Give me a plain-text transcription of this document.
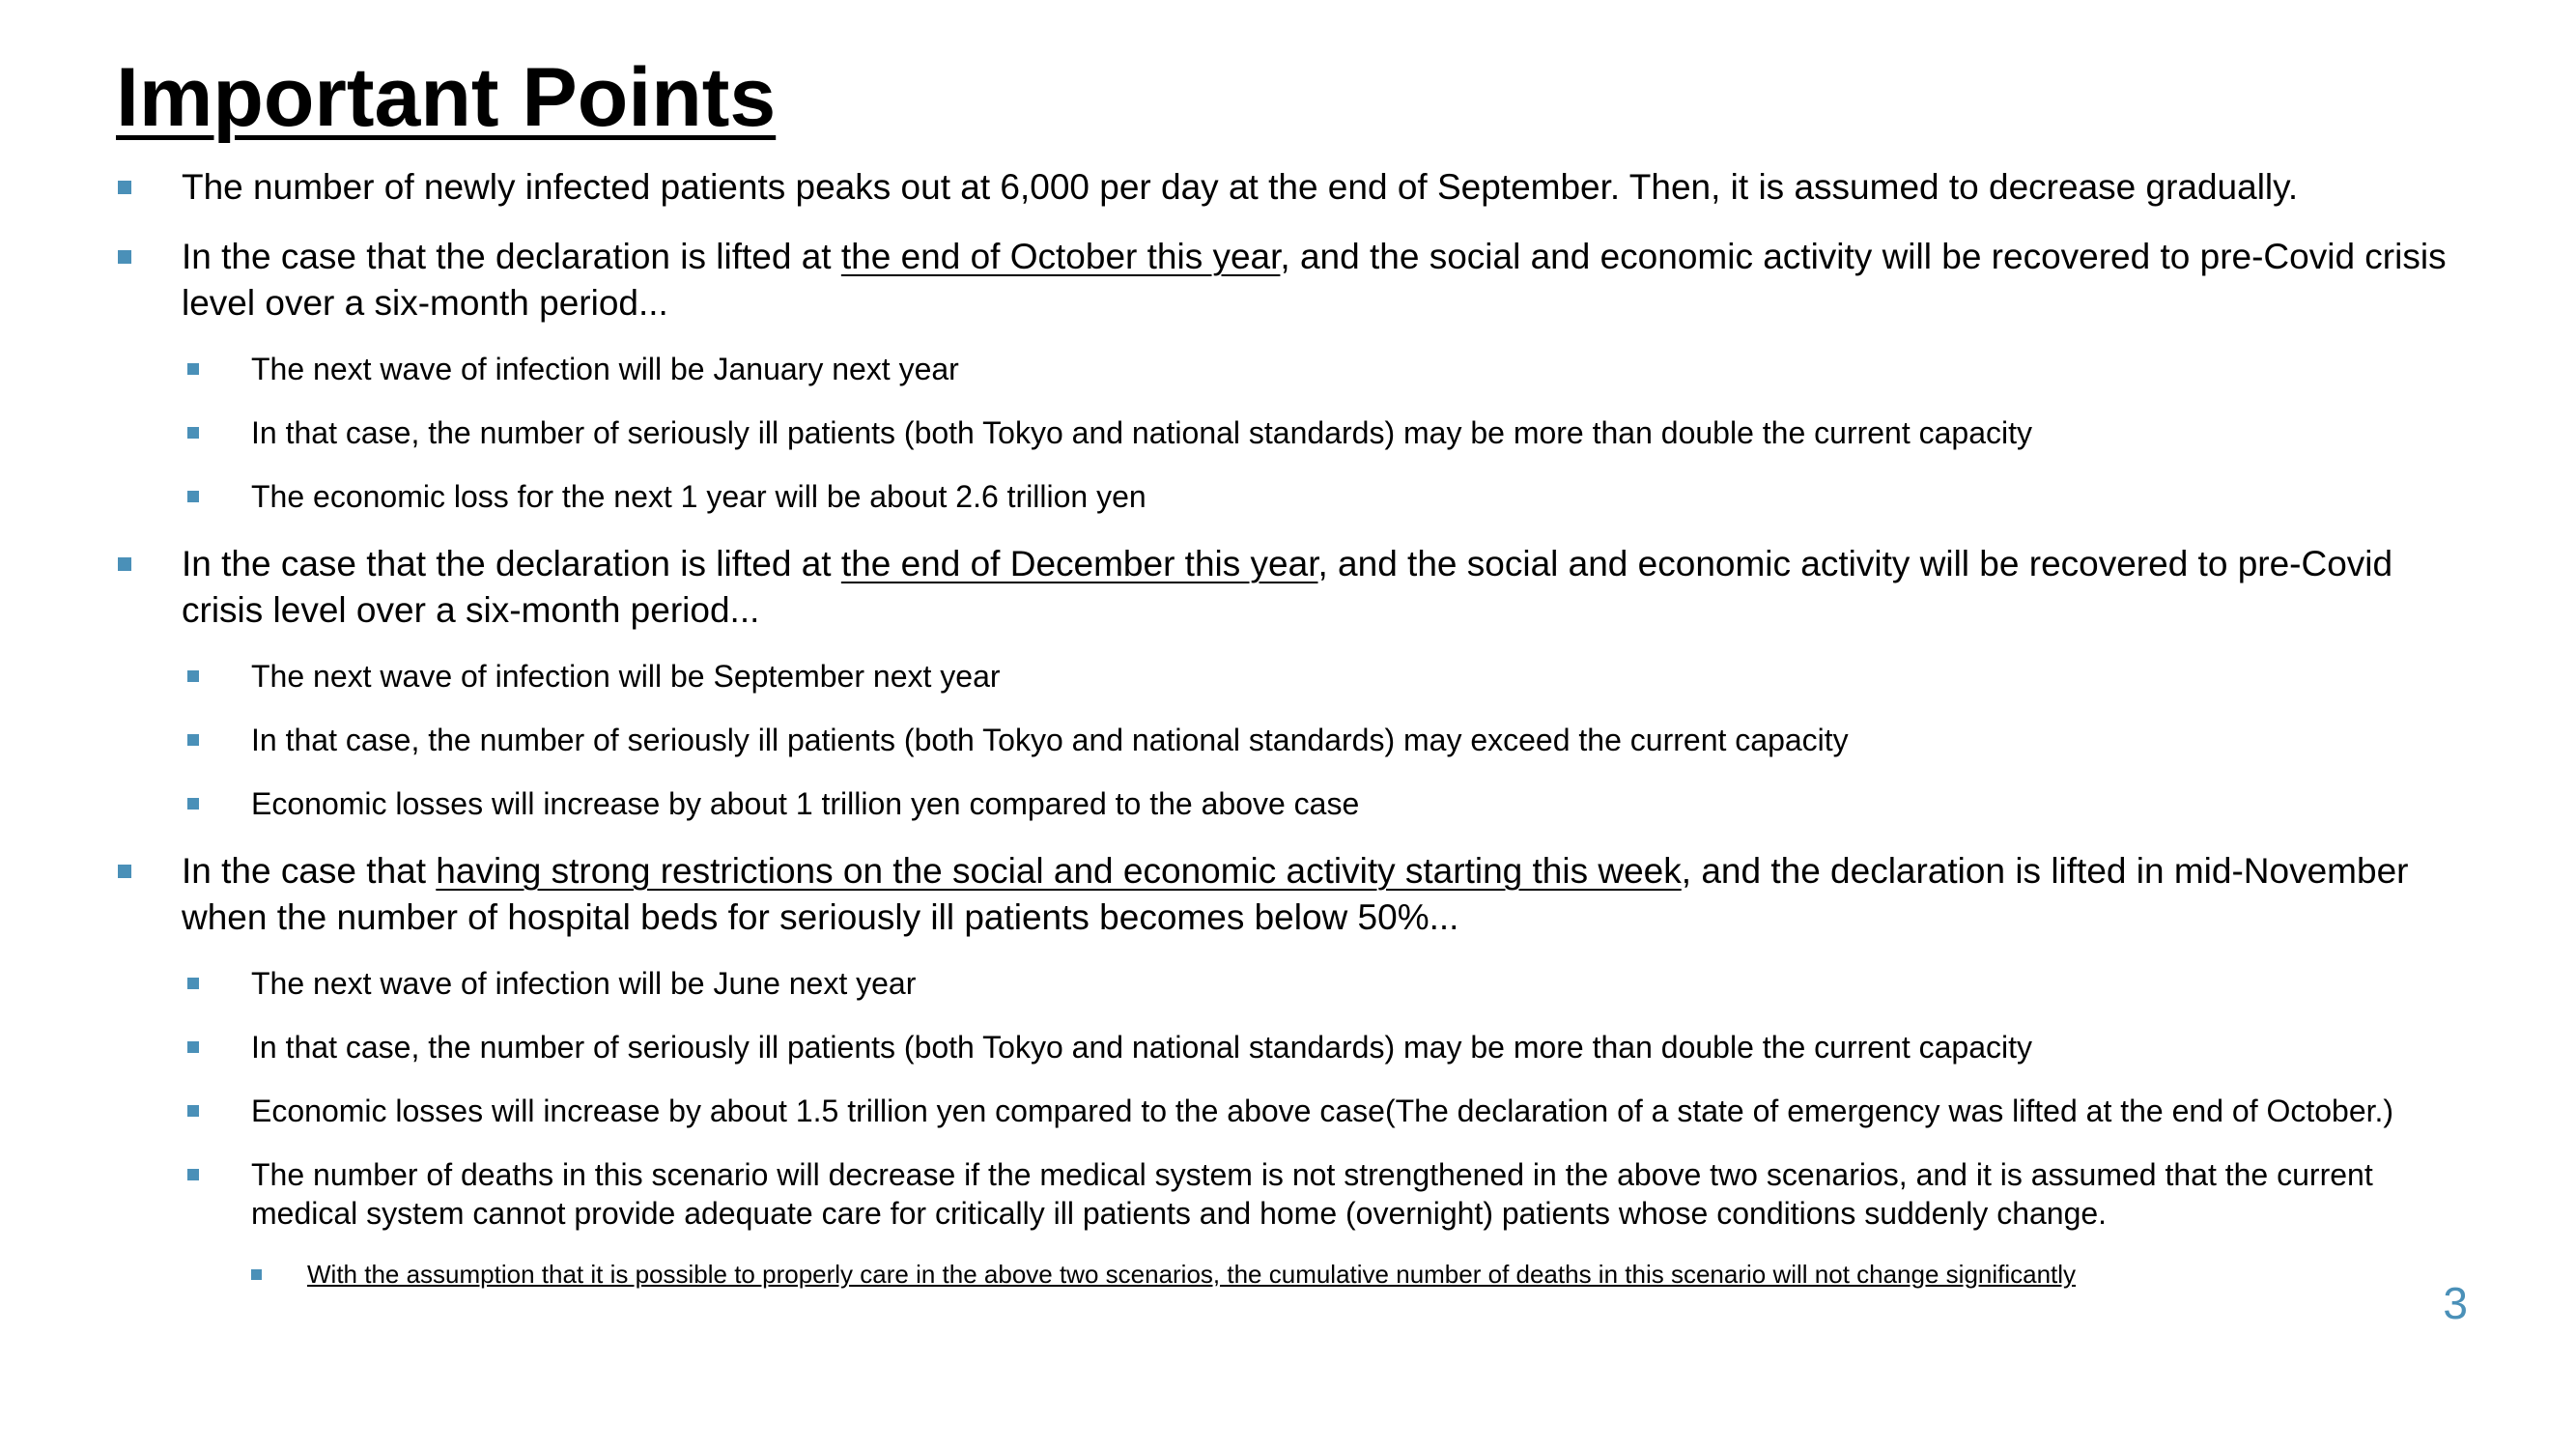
Important Points
The number of newly infected patients peaks out at 6,000 per day at the end of September. Then, it is assumed to decrease gradually.
In the case that the declaration is lifted at the end of October this year, and the social and economic activity will be recovered to pre-Covid crisis level over a six-month period...
The next wave of infection will be January next year
In that case, the number of seriously ill patients (both Tokyo and national standards) may be more than double the current capacity
The economic loss for the next 1 year will be about 2.6 trillion yen
In the case that the declaration is lifted at the end of December this year, and the social and economic activity will be recovered to pre-Covid crisis level over a six-month period...
The next wave of infection will be September next year
In that case, the number of seriously ill patients (both Tokyo and national standards) may exceed the current capacity
Economic losses will increase by about 1 trillion yen compared to the above case
In the case that having strong restrictions on the social and economic activity starting this week, and the declaration is lifted in mid-November when the number of hospital beds for seriously ill patients becomes below 50%...
The next wave of infection will be June next year
In that case, the number of seriously ill patients (both Tokyo and national standards) may be more than double the current capacity
Economic losses will increase by about 1.5 trillion yen compared to the above case(The declaration of a state of emergency was lifted at the end of October.)
The number of deaths in this scenario will decrease if the medical system is not strengthened in the above two scenarios, and it is assumed that the current medical system cannot provide adequate care for critically ill patients and home (overnight) patients whose conditions suddenly change.
With the assumption that it is possible to properly care in the above two scenarios, the cumulative number of deaths in this scenario will not change significantly
3
